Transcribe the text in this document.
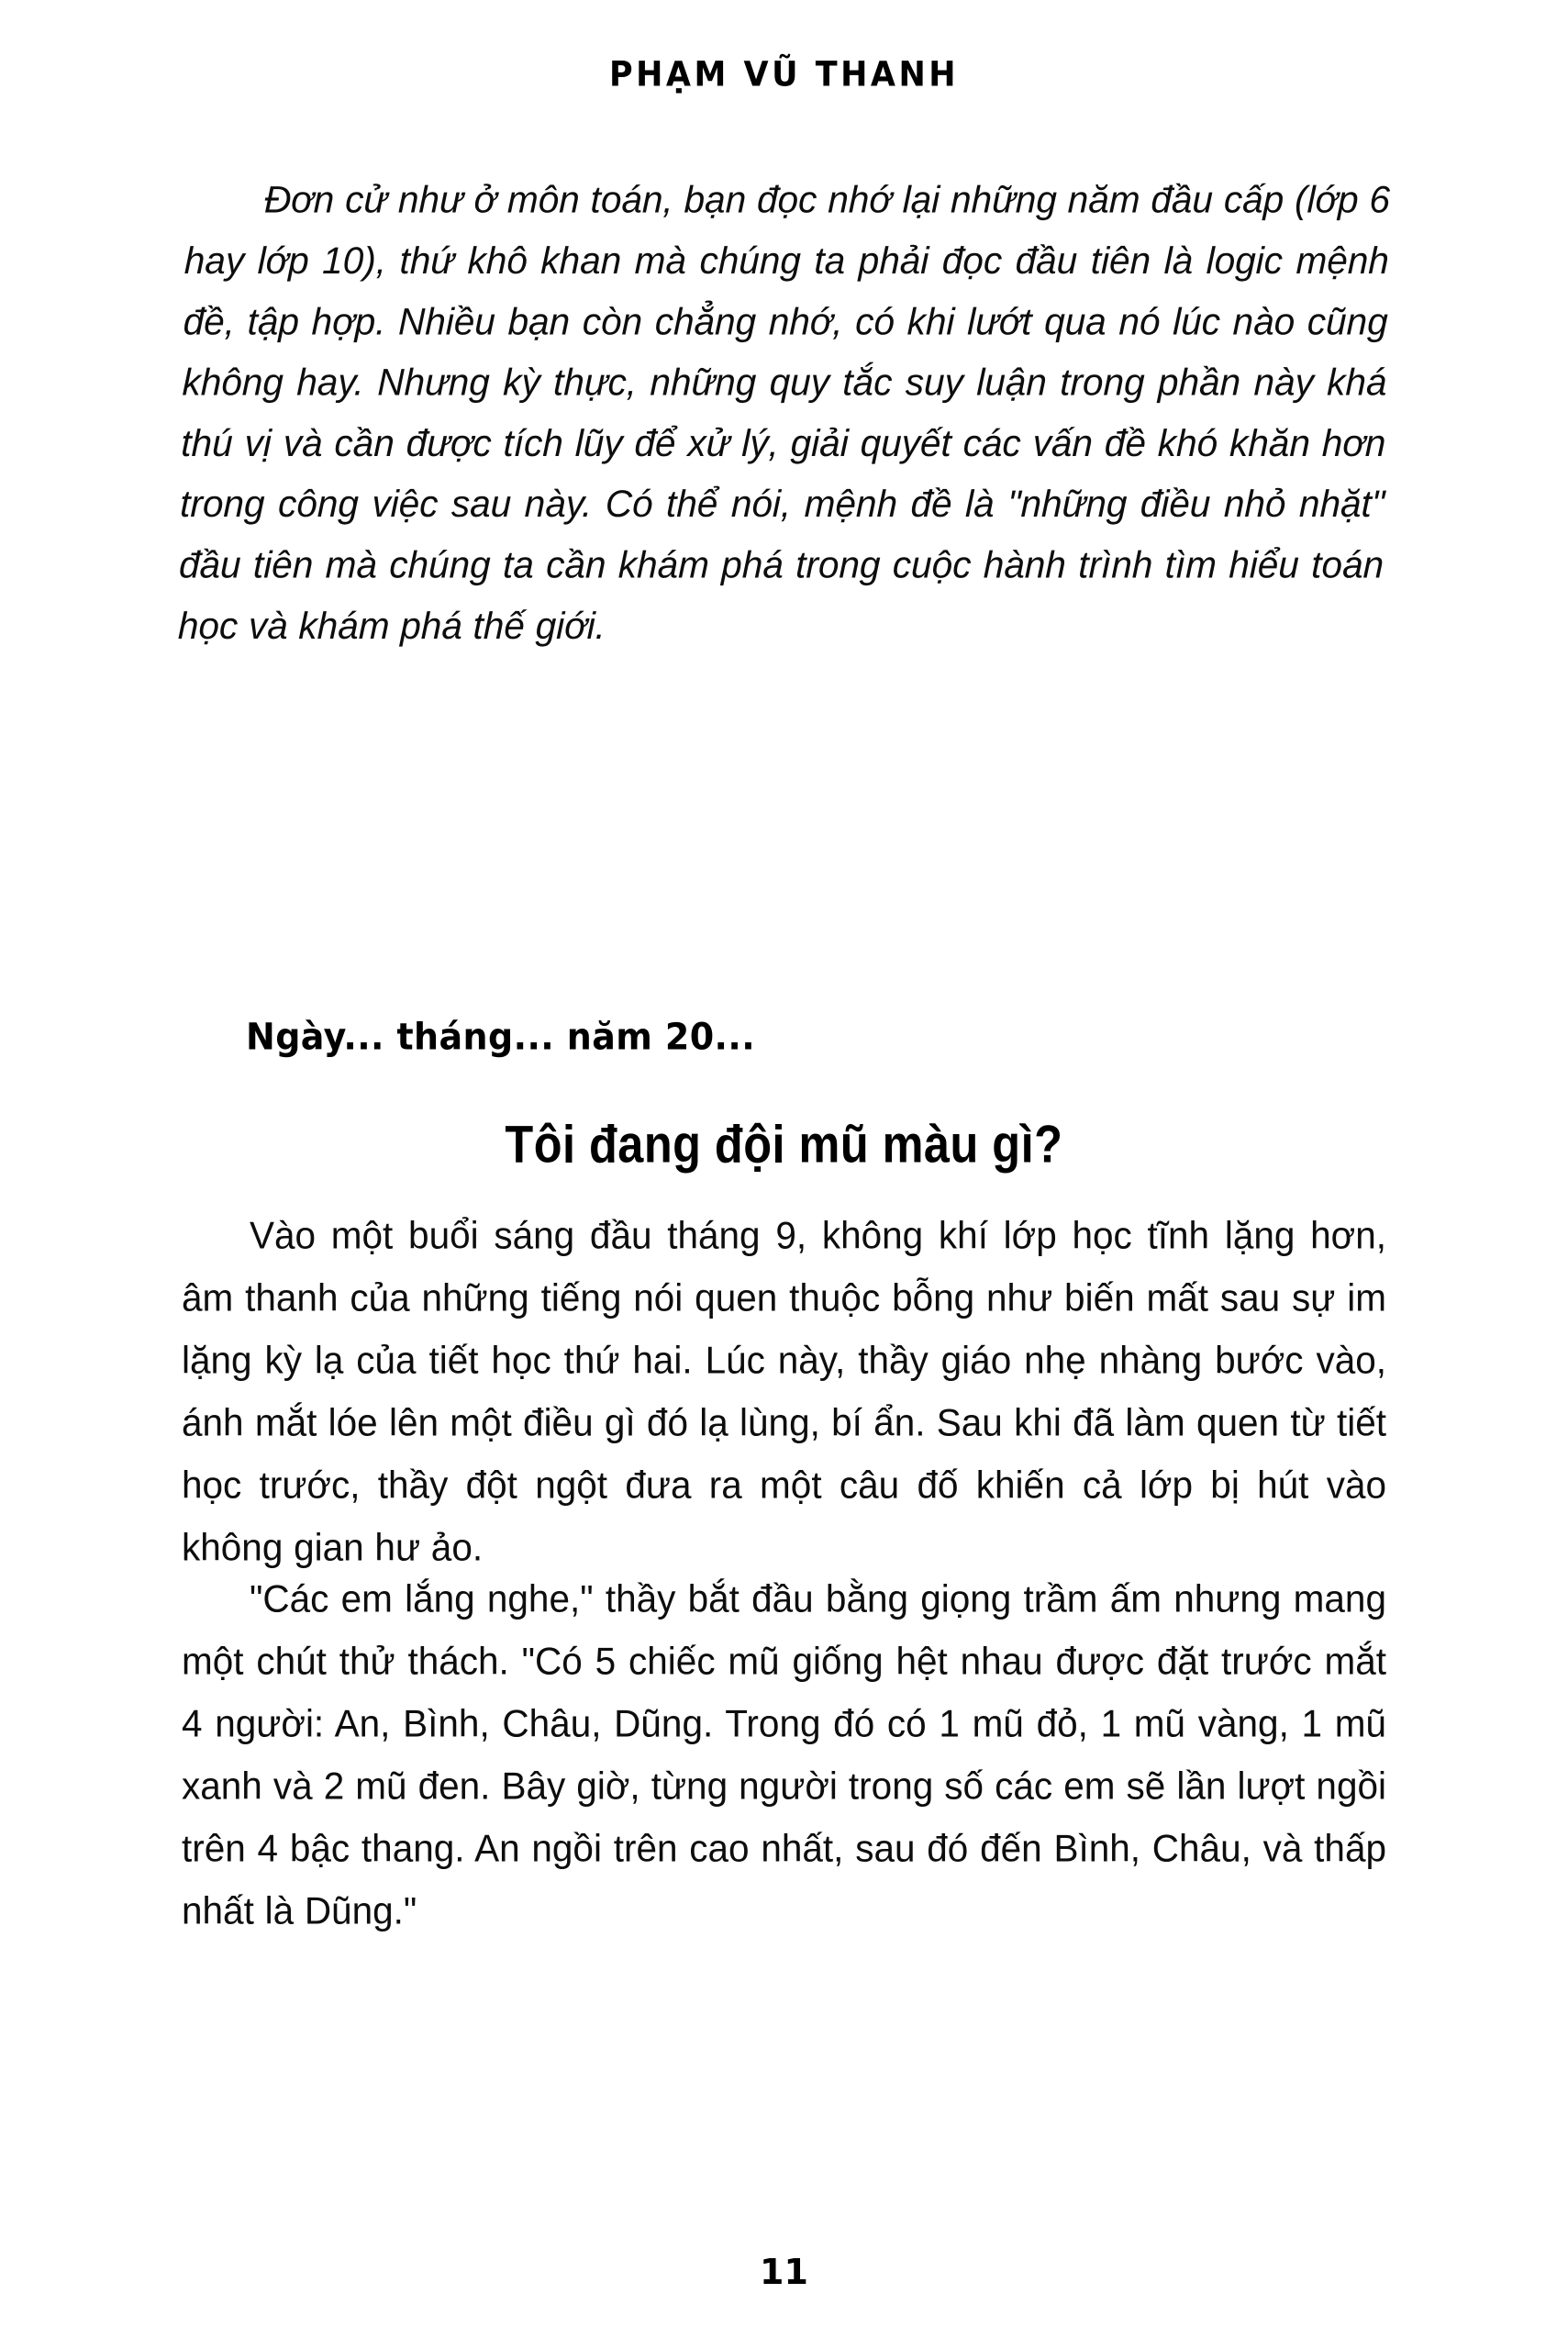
PHẠM VŨ THANH

Đơn cử như ở môn toán, bạn đọc nhớ lại những năm đầu cấp (lớp 6 hay lớp 10), thứ khô khan mà chúng ta phải đọc đầu tiên là logic mệnh đề, tập hợp. Nhiều bạn còn chẳng nhớ, có khi lướt qua nó lúc nào cũng không hay. Nhưng kỳ thực, những quy tắc suy luận trong phần này khá thú vị và cần được tích lũy để xử lý, giải quyết các vấn đề khó khăn hơn trong công việc sau này. Có thể nói, mệnh đề là "những điều nhỏ nhặt" đầu tiên mà chúng ta cần khám phá trong cuộc hành trình tìm hiểu toán học và khám phá thế giới.

Ngày... tháng... năm 20...
Tôi đang đội mũ màu gì?

Vào một buổi sáng đầu tháng 9, không khí lớp học tĩnh lặng hơn, âm thanh của những tiếng nói quen thuộc bỗng như biến mất sau sự im lặng kỳ lạ của tiết học thứ hai. Lúc này, thầy giáo nhẹ nhàng bước vào, ánh mắt lóe lên một điều gì đó lạ lùng, bí ẩn. Sau khi đã làm quen từ tiết học trước, thầy đột ngột đưa ra một câu đố khiến cả lớp bị hút vào không gian hư ảo.

"Các em lắng nghe," thầy bắt đầu bằng giọng trầm ấm nhưng mang một chút thử thách. "Có 5 chiếc mũ giống hệt nhau được đặt trước mắt 4 người: An, Bình, Châu, Dũng. Trong đó có 1 mũ đỏ, 1 mũ vàng, 1 mũ xanh và 2 mũ đen. Bây giờ, từng người trong số các em sẽ lần lượt ngồi trên 4 bậc thang. An ngồi trên cao nhất, sau đó đến Bình, Châu, và thấp nhất là Dũng."

11
